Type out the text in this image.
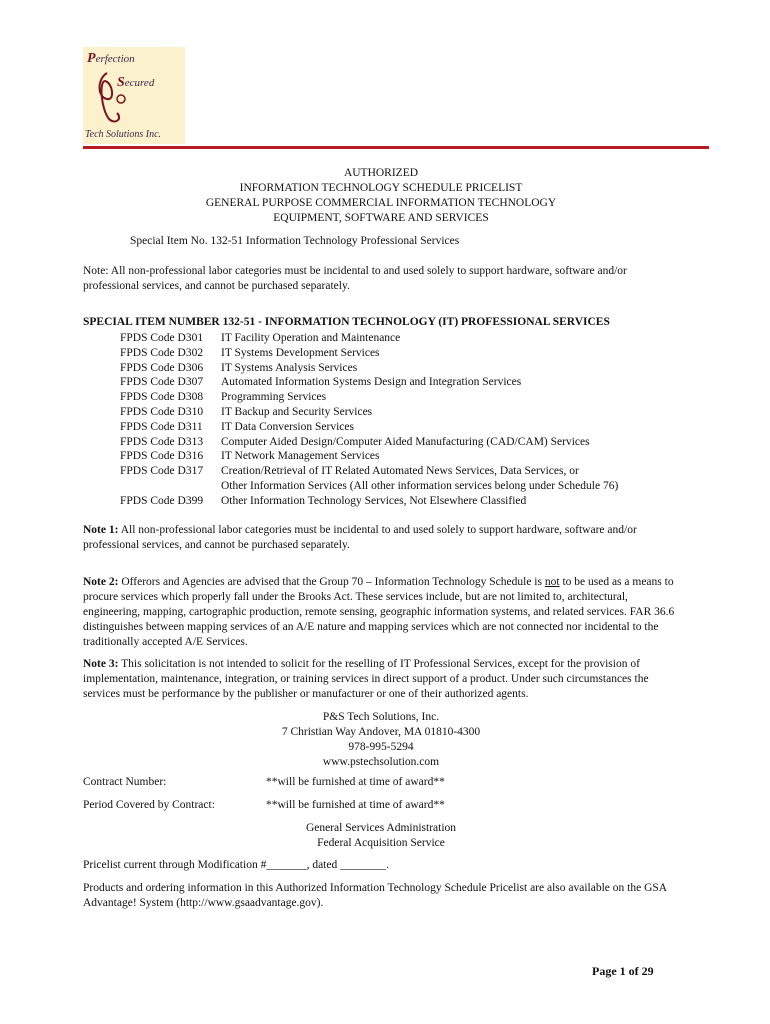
Perfection
Secured
Tech Solutions Inc.
AUTHORIZED
INFORMATION TECHNOLOGY SCHEDULE PRICELIST
GENERAL PURPOSE COMMERCIAL INFORMATION TECHNOLOGY
EQUIPMENT, SOFTWARE AND SERVICES
Special Item No. 132-51 Information Technology Professional Services
Note: All non-professional labor categories must be incidental to and used solely to support hardware, software and/or professional services, and cannot be purchased separately.
SPECIAL ITEM NUMBER 132-51 - INFORMATION TECHNOLOGY (IT) PROFESSIONAL SERVICES
FPDS Code D301	IT Facility Operation and Maintenance
FPDS Code D302	IT Systems Development Services
FPDS Code D306	IT Systems Analysis Services
FPDS Code D307	Automated Information Systems Design and Integration Services
FPDS Code D308	Programming Services
FPDS Code D310	IT Backup and Security Services
FPDS Code D311	IT Data Conversion Services
FPDS Code D313	Computer Aided Design/Computer Aided Manufacturing (CAD/CAM) Services
FPDS Code D316	IT Network Management Services
FPDS Code D317	Creation/Retrieval of IT Related Automated News Services, Data Services, or
Other Information Services (All other information services belong under Schedule 76)
FPDS Code D399	Other Information Technology Services, Not Elsewhere Classified
Note 1: All non-professional labor categories must be incidental to and used solely to support hardware, software and/or professional services, and cannot be purchased separately.
Note 2: Offerors and Agencies are advised that the Group 70 – Information Technology Schedule is not to be used as a means to procure services which properly fall under the Brooks Act. These services include, but are not limited to, architectural, engineering, mapping, cartographic production, remote sensing, geographic information systems, and related services. FAR 36.6 distinguishes between mapping services of an A/E nature and mapping services which are not connected nor incidental to the traditionally accepted A/E Services.
Note 3: This solicitation is not intended to solicit for the reselling of IT Professional Services, except for the provision of implementation, maintenance, integration, or training services in direct support of a product. Under such circumstances the services must be performance by the publisher or manufacturer or one of their authorized agents.
P&S Tech Solutions, Inc.
7 Christian Way Andover, MA 01810-4300
978-995-5294
www.pstechsolution.com
Contract Number:	**will be furnished at time of award**
Period Covered by Contract:	**will be furnished at time of award**
General Services Administration
Federal Acquisition Service
Pricelist current through Modification #_______, dated ________.
Products and ordering information in this Authorized Information Technology Schedule Pricelist are also available on the GSA Advantage! System (http://www.gsaadvantage.gov).
Page 1 of 29
